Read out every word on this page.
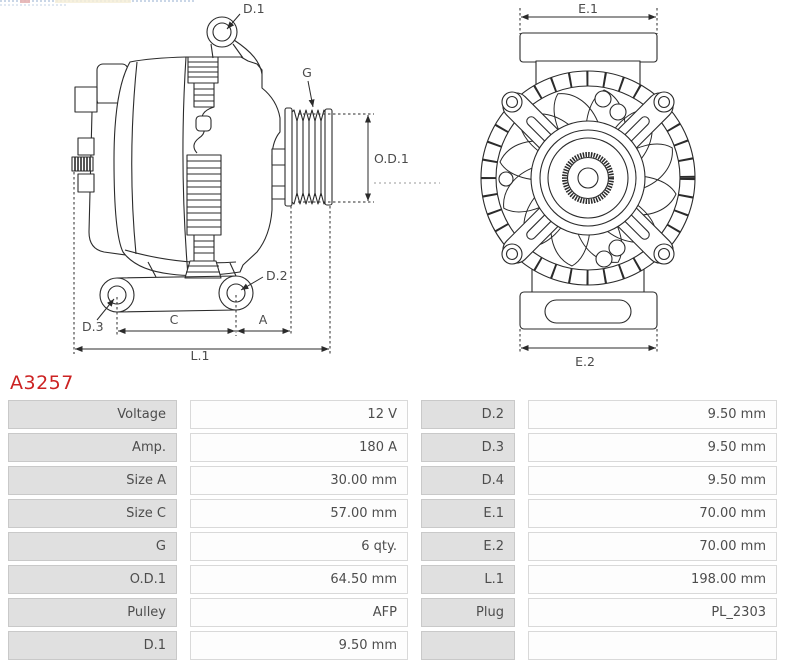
D.1
G
O.D.1
D.2
D.3	C	A
L.1
E.1
E.2
A3257
Voltage	12 V	D.2	9.50 mm
Amp.	180 A	D.3	9.50 mm
Size A	30.00 mm	D.4	9.50 mm
Size C	57.00 mm	E.1	70.00 mm
G	6 qty.	E.2	70.00 mm
O.D.1	64.50 mm	L.1	198.00 mm
Pulley	AFP	Plug	PL_2303
D.1	9.50 mm
